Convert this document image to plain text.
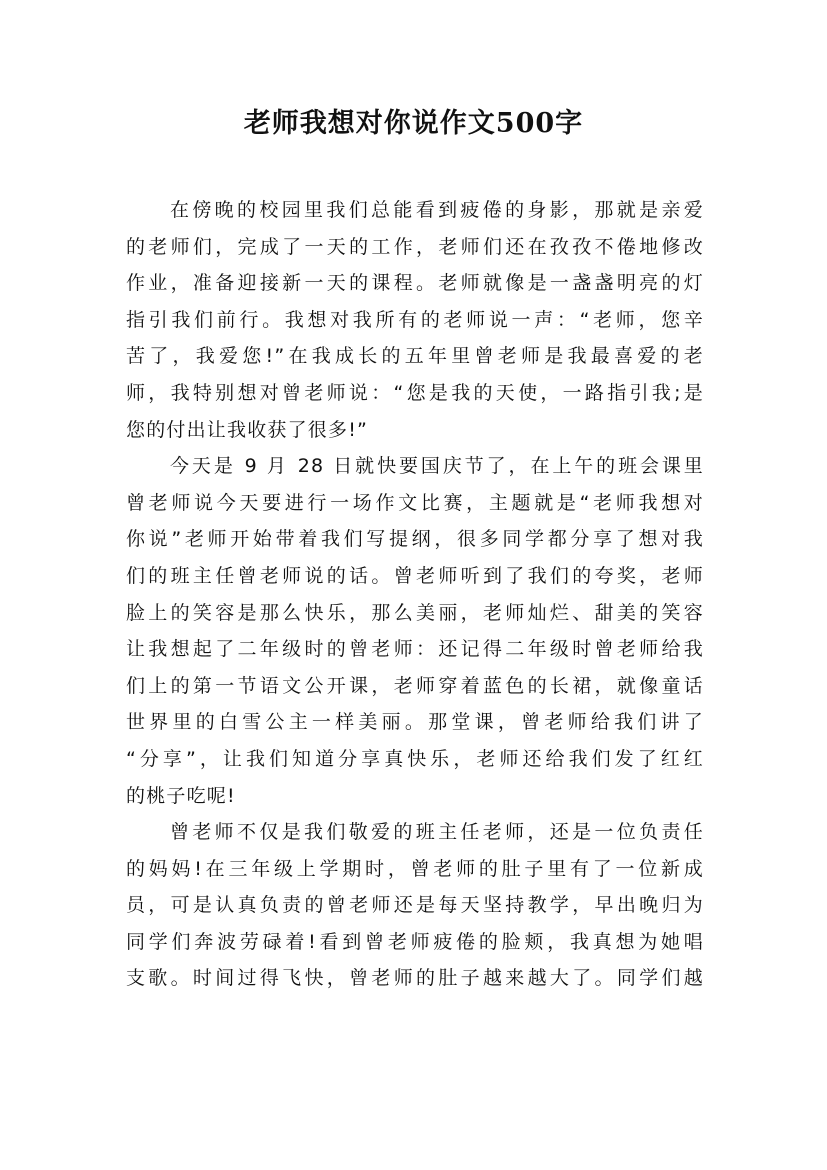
老师我想对你说作文500字
在傍晚的校园里我们总能看到疲倦的身影，那就是亲爱
的老师们，完成了一天的工作，老师们还在孜孜不倦地修改
作业，准备迎接新一天的课程。老师就像是一盏盏明亮的灯
指引我们前行。我想对我所有的老师说一声：“老师，您辛
苦了，我爱您!”在我成长的五年里曾老师是我最喜爱的老
师，我特别想对曾老师说：“您是我的天使，一路指引我;是
您的付出让我收获了很多!”
今天是 9 月 28 日就快要国庆节了，在上午的班会课里
曾老师说今天要进行一场作文比赛，主题就是“老师我想对
你说”老师开始带着我们写提纲，很多同学都分享了想对我
们的班主任曾老师说的话。曾老师听到了我们的夸奖，老师
脸上的笑容是那么快乐，那么美丽，老师灿烂、甜美的笑容
让我想起了二年级时的曾老师：还记得二年级时曾老师给我
们上的第一节语文公开课，老师穿着蓝色的长裙，就像童话
世界里的白雪公主一样美丽。那堂课，曾老师给我们讲了
“分享”，让我们知道分享真快乐，老师还给我们发了红红
的桃子吃呢!
曾老师不仅是我们敬爱的班主任老师，还是一位负责任
的妈妈!在三年级上学期时，曾老师的肚子里有了一位新成
员，可是认真负责的曾老师还是每天坚持教学，早出晚归为
同学们奔波劳碌着!看到曾老师疲倦的脸颊，我真想为她唱
支歌。时间过得飞快，曾老师的肚子越来越大了。同学们越
